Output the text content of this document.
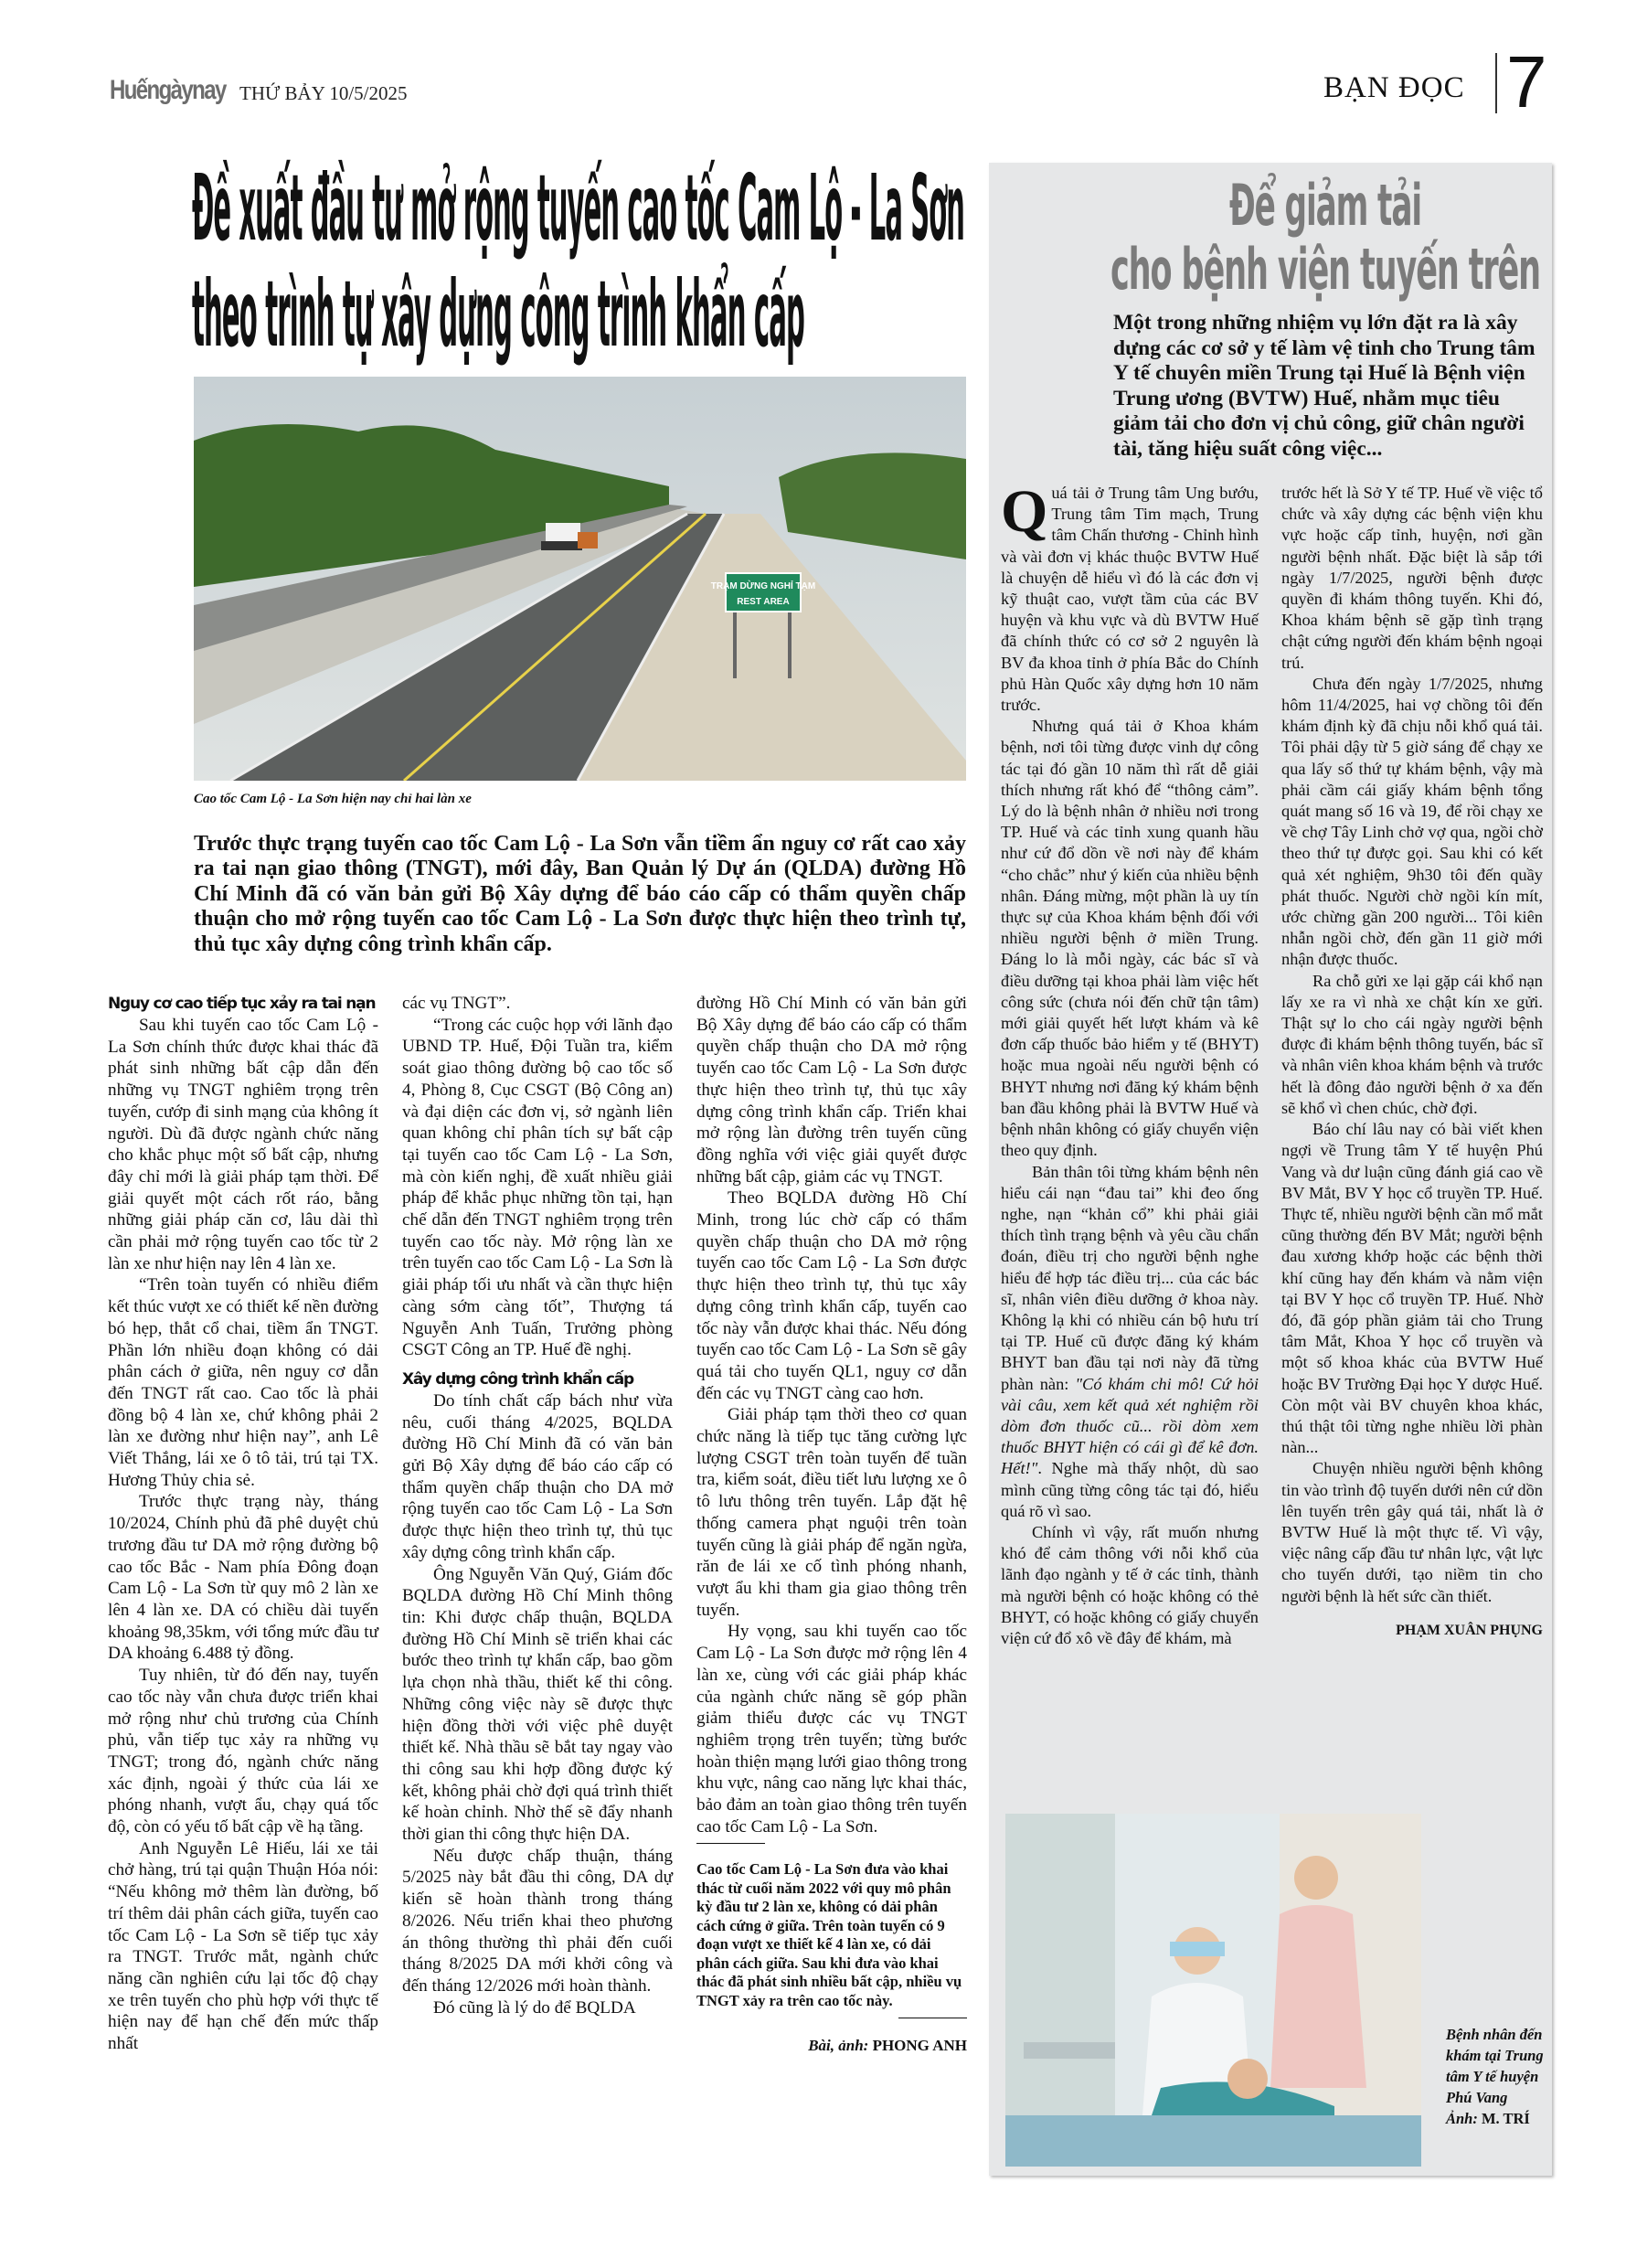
Huếngàynay THỨ BẢY 10/5/2025	BẠN ĐỌC 7
Đề xuất đầu tư mở rộng tuyến cao tốc Cam Lộ - La Sơn
theo trình tự xây dựng công trình khẩn cấp
TRẠM DỪNG NGHỈ TẠM
REST AREA
Cao tốc Cam Lộ - La Sơn hiện nay chỉ hai làn xe
Trước thực trạng tuyến cao tốc Cam Lộ - La Sơn vẫn tiềm ẩn nguy cơ rất cao xảy ra tai nạn giao thông (TNGT), mới đây, Ban Quản lý Dự án (QLDA) đường Hồ Chí Minh đã có văn bản gửi Bộ Xây dựng để báo cáo cấp có thẩm quyền chấp thuận cho mở rộng tuyến cao tốc Cam Lộ - La Sơn được thực hiện theo trình tự, thủ tục xây dựng công trình khẩn cấp.
Nguy cơ cao tiếp tục xảy ra tai nạn

Sau khi tuyến cao tốc Cam Lộ - La Sơn chính thức được khai thác đã phát sinh những bất cập dẫn đến những vụ TNGT nghiêm trọng trên tuyến, cướp đi sinh mạng của không ít người. Dù đã được ngành chức năng cho khắc phục một số bất cập, nhưng đây chỉ mới là giải pháp tạm thời. Để giải quyết một cách rốt ráo, bằng những giải pháp căn cơ, lâu dài thì cần phải mở rộng tuyến cao tốc từ 2 làn xe như hiện nay lên 4 làn xe.

“Trên toàn tuyến có nhiều điểm kết thúc vượt xe có thiết kế nền đường bó hẹp, thắt cổ chai, tiềm ẩn TNGT. Phần lớn nhiều đoạn không có dải phân cách ở giữa, nên nguy cơ dẫn đến TNGT rất cao. Cao tốc là phải đồng bộ 4 làn xe, chứ không phải 2 làn xe đường như hiện nay”, anh Lê Viết Thắng, lái xe ô tô tải, trú tại TX. Hương Thủy chia sẻ.

Trước thực trạng này, tháng 10/2024, Chính phủ đã phê duyệt chủ trương đầu tư DA mở rộng đường bộ cao tốc Bắc - Nam phía Đông đoạn Cam Lộ - La Sơn từ quy mô 2 làn xe lên 4 làn xe. DA có chiều dài tuyến khoảng 98,35km, với tổng mức đầu tư DA khoảng 6.488 tỷ đồng.

Tuy nhiên, từ đó đến nay, tuyến cao tốc này vẫn chưa được triển khai mở rộng như chủ trương của Chính phủ, vẫn tiếp tục xảy ra những vụ TNGT; trong đó, ngành chức năng xác định, ngoài ý thức của lái xe phóng nhanh, vượt ẩu, chạy quá tốc độ, còn có yếu tố bất cập về hạ tầng.

Anh Nguyễn Lê Hiếu, lái xe tải chở hàng, trú tại quận Thuận Hóa nói: “Nếu không mở thêm làn đường, bố trí thêm dải phân cách giữa, tuyến cao tốc Cam Lộ - La Sơn sẽ tiếp tục xảy ra TNGT. Trước mắt, ngành chức năng cần nghiên cứu lại tốc độ chạy xe trên tuyến cho phù hợp với thực tế hiện nay để hạn chế đến mức thấp nhất

các vụ TNGT”.

“Trong các cuộc họp với lãnh đạo UBND TP. Huế, Đội Tuần tra, kiểm soát giao thông đường bộ cao tốc số 4, Phòng 8, Cục CSGT (Bộ Công an) và đại diện các đơn vị, sở ngành liên quan không chỉ phân tích sự bất cập tại tuyến cao tốc Cam Lộ - La Sơn, mà còn kiến nghị, đề xuất nhiều giải pháp để khắc phục những tồn tại, hạn chế dẫn đến TNGT nghiêm trọng trên tuyến cao tốc này. Mở rộng làn xe trên tuyến cao tốc Cam Lộ - La Sơn là giải pháp tối ưu nhất và cần thực hiện càng sớm càng tốt”, Thượng tá Nguyễn Anh Tuấn, Trưởng phòng CSGT Công an TP. Huế đề nghị.

Xây dựng công trình khẩn cấp

Do tính chất cấp bách như vừa nêu, cuối tháng 4/2025, BQLDA đường Hồ Chí Minh đã có văn bản gửi Bộ Xây dựng để báo cáo cấp có thẩm quyền chấp thuận cho DA mở rộng tuyến cao tốc Cam Lộ - La Sơn được thực hiện theo trình tự, thủ tục xây dựng công trình khẩn cấp.

Ông Nguyễn Văn Quý, Giám đốc BQLDA đường Hồ Chí Minh thông tin: Khi được chấp thuận, BQLDA đường Hồ Chí Minh sẽ triển khai các bước theo trình tự khẩn cấp, bao gồm lựa chọn nhà thầu, thiết kế thi công. Những công việc này sẽ được thực hiện đồng thời với việc phê duyệt thiết kế. Nhà thầu sẽ bắt tay ngay vào thi công sau khi hợp đồng được ký kết, không phải chờ đợi quá trình thiết kế hoàn chỉnh. Nhờ thế sẽ đẩy nhanh thời gian thi công thực hiện DA.

Nếu được chấp thuận, tháng 5/2025 này bắt đầu thi công, DA dự kiến sẽ hoàn thành trong tháng 8/2026. Nếu triển khai theo phương án thông thường thì phải đến cuối tháng 8/2025 DA mới khởi công và đến tháng 12/2026 mới hoàn thành.

Đó cũng là lý do để BQLDA

đường Hồ Chí Minh có văn bản gửi Bộ Xây dựng để báo cáo cấp có thẩm quyền chấp thuận cho DA mở rộng tuyến cao tốc Cam Lộ - La Sơn được thực hiện theo trình tự, thủ tục xây dựng công trình khẩn cấp. Triển khai mở rộng làn đường trên tuyến cũng đồng nghĩa với việc giải quyết được những bất cập, giảm các vụ TNGT.

Theo BQLDA đường Hồ Chí Minh, trong lúc chờ cấp có thẩm quyền chấp thuận cho DA mở rộng tuyến cao tốc Cam Lộ - La Sơn được thực hiện theo trình tự, thủ tục xây dựng công trình khẩn cấp, tuyến cao tốc này vẫn được khai thác. Nếu đóng tuyến cao tốc Cam Lộ - La Sơn sẽ gây quá tải cho tuyến QL1, nguy cơ dẫn đến các vụ TNGT càng cao hơn.

Giải pháp tạm thời theo cơ quan chức năng là tiếp tục tăng cường lực lượng CSGT trên toàn tuyến để tuần tra, kiểm soát, điều tiết lưu lượng xe ô tô lưu thông trên tuyến. Lắp đặt hệ thống camera phạt nguội trên toàn tuyến cũng là giải pháp để ngăn ngừa, răn đe lái xe cố tình phóng nhanh, vượt ẩu khi tham gia giao thông trên tuyến.

Hy vọng, sau khi tuyến cao tốc Cam Lộ - La Sơn được mở rộng lên 4 làn xe, cùng với các giải pháp khác của ngành chức năng sẽ góp phần giảm thiểu được các vụ TNGT nghiêm trọng trên tuyến; từng bước hoàn thiện mạng lưới giao thông trong khu vực, nâng cao năng lực khai thác, bảo đảm an toàn giao thông trên tuyến cao tốc Cam Lộ - La Sơn.

Cao tốc Cam Lộ - La Sơn đưa vào khai thác từ cuối năm 2022 với quy mô phân kỳ đầu tư 2 làn xe, không có dải phân cách cứng ở giữa. Trên toàn tuyến có 9 đoạn vượt xe thiết kế 4 làn xe, có dải phân cách giữa. Sau khi đưa vào khai thác đã phát sinh nhiều bất cập, nhiều vụ TNGT xảy ra trên cao tốc này.
Bài, ảnh: PHONG ANH
Để giảm tải
cho bệnh viện tuyến trên
Một trong những nhiệm vụ lớn đặt ra là xây dựng các cơ sở y tế làm vệ tinh cho Trung tâm Y tế chuyên miền Trung tại Huế là Bệnh viện Trung ương (BVTW) Huế, nhằm mục tiêu giảm tải cho đơn vị chủ công, giữ chân người tài, tăng hiệu suất công việc...

Quá tải ở Trung tâm Ung bướu, Trung tâm Tim mạch, Trung tâm Chấn thương - Chỉnh hình và vài đơn vị khác thuộc BVTW Huế là chuyện dễ hiểu vì đó là các đơn vị kỹ thuật cao, vượt tầm của các BV huyện và khu vực và dù BVTW Huế đã chính thức có cơ sở 2 nguyên là BV đa khoa tỉnh ở phía Bắc do Chính phủ Hàn Quốc xây dựng hơn 10 năm trước.

Nhưng quá tải ở Khoa khám bệnh, nơi tôi từng được vinh dự công tác tại đó gần 10 năm thì rất dễ giải thích nhưng rất khó để “thông cảm”. Lý do là bệnh nhân ở nhiều nơi trong TP. Huế và các tỉnh xung quanh hầu như cứ đổ dồn về nơi này để khám “cho chắc” như ý kiến của nhiều bệnh nhân. Đáng mừng, một phần là uy tín thực sự của Khoa khám bệnh đối với nhiều người bệnh ở miền Trung. Đáng lo là mỗi ngày, các bác sĩ và điều dưỡng tại khoa phải làm việc hết công sức (chưa nói đến chữ tận tâm) mới giải quyết hết lượt khám và kê đơn cấp thuốc bảo hiểm y tế (BHYT) hoặc mua ngoài nếu người bệnh có BHYT nhưng nơi đăng ký khám bệnh ban đầu không phải là BVTW Huế và bệnh nhân không có giấy chuyển viện theo quy định.

Bản thân tôi từng khám bệnh nên hiểu cái nạn “đau tai” khi đeo ống nghe, nạn “khản cổ” khi phải giải thích tình trạng bệnh và yêu cầu chẩn đoán, điều trị cho người bệnh nghe hiểu để hợp tác điều trị... của các bác sĩ, nhân viên điều dưỡng ở khoa này. Không lạ khi có nhiều cán bộ hưu trí tại TP. Huế cũ được đăng ký khám BHYT ban đầu tại nơi này đã từng phàn nàn: "Có khám chi mô! Cứ hỏi vài câu, xem kết quả xét nghiệm rồi dòm đơn thuốc cũ... rồi dòm xem thuốc BHYT hiện có cái gì để kê đơn. Hết!". Nghe mà thấy nhột, dù sao mình cũng từng công tác tại đó, hiểu quá rõ vì sao.

Chính vì vậy, rất muốn nhưng khó để cảm thông với nỗi khổ của lãnh đạo ngành y tế ở các tỉnh, thành mà người bệnh có hoặc không có thẻ BHYT, có hoặc không có giấy chuyển viện cứ đổ xô về đây để khám, mà

trước hết là Sở Y tế TP. Huế về việc tổ chức và xây dựng các bệnh viện khu vực hoặc cấp tỉnh, huyện, nơi gần người bệnh nhất. Đặc biệt là sắp tới ngày 1/7/2025, người bệnh được quyền đi khám thông tuyến. Khi đó, Khoa khám bệnh sẽ gặp tình trạng chật cứng người đến khám bệnh ngoại trú.

Chưa đến ngày 1/7/2025, nhưng hôm 11/4/2025, hai vợ chồng tôi đến khám định kỳ đã chịu nỗi khổ quá tải. Tôi phải dậy từ 5 giờ sáng để chạy xe qua lấy số thứ tự khám bệnh, vậy mà phải cầm cái giấy khám bệnh tổng quát mang số 16 và 19, để rồi chạy xe về chợ Tây Linh chở vợ qua, ngồi chờ theo thứ tự được gọi. Sau khi có kết quả xét nghiệm, 9h30 tôi đến quầy phát thuốc. Người chờ ngồi kín mít, ước chừng gần 200 người... Tôi kiên nhẫn ngồi chờ, đến gần 11 giờ mới nhận được thuốc.

Ra chỗ gửi xe lại gặp cái khổ nạn lấy xe ra vì nhà xe chật kín xe gửi. Thật sự lo cho cái ngày người bệnh được đi khám bệnh thông tuyến, bác sĩ và nhân viên khoa khám bệnh và trước hết là đông đảo người bệnh ở xa đến sẽ khổ vì chen chúc, chờ đợi.

Báo chí lâu nay có bài viết khen ngợi về Trung tâm Y tế huyện Phú Vang và dư luận cũng đánh giá cao về BV Mắt, BV Y học cổ truyền TP. Huế. Thực tế, nhiều người bệnh cần mổ mắt cũng thường đến BV Mắt; người bệnh đau xương khớp hoặc các bệnh thời khí cũng hay đến khám và nằm viện tại BV Y học cổ truyền TP. Huế. Nhờ đó, đã góp phần giảm tải cho Trung tâm Mắt, Khoa Y học cổ truyền và một số khoa khác của BVTW Huế hoặc BV Trường Đại học Y dược Huế. Còn một vài BV chuyên khoa khác, thú thật tôi từng nghe nhiều lời phàn nàn...

Chuyện nhiều người bệnh không tin vào trình độ tuyến dưới nên cứ dồn lên tuyến trên gây quá tải, nhất là ở BVTW Huế là một thực tế. Vì vậy, việc nâng cấp đầu tư nhân lực, vật lực cho tuyến dưới, tạo niềm tin cho người bệnh là hết sức cần thiết.

PHẠM XUÂN PHỤNG
Bệnh nhân đến khám tại Trung tâm Y tế huyện Phú Vang
Ảnh: M. TRÍ
